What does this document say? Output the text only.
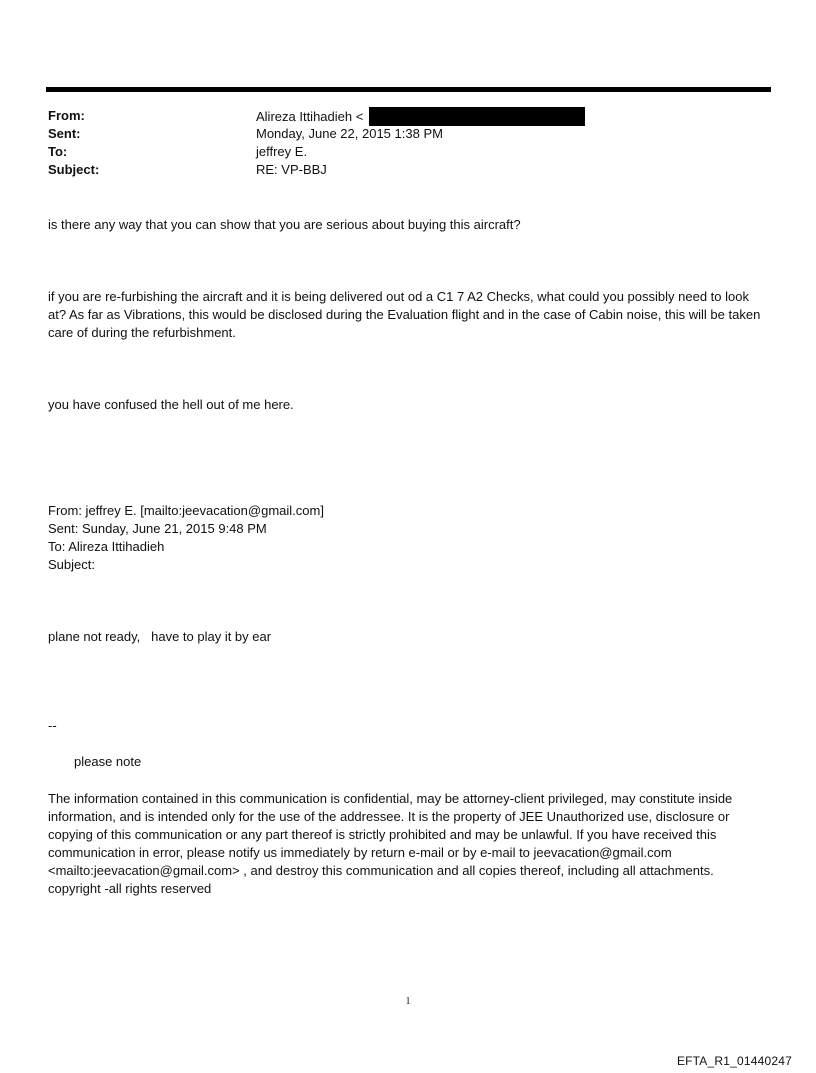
From:	Alireza Ittihadieh <
Sent:	Monday, June 22, 2015 1:38 PM
To:	jeffrey E.
Subject:	RE: VP-BBJ

is there any way that you can show that you are serious about buying this aircraft?

if you are re-furbishing the aircraft and it is being delivered out od a C1 7 A2 Checks, what could you possibly need to look at? As far as Vibrations, this would be disclosed during the Evaluation flight and in the case of Cabin noise, this will be taken care of during the refurbishment.

you have confused the hell out of me here.

From: jeffrey E. [mailto:jeevacation@gmail.com]
Sent: Sunday, June 21, 2015 9:48 PM
To: Alireza Ittihadieh
Subject:
plane not ready,   have to play it by ear
--
please note

The information contained in this communication is confidential, may be attorney-client privileged, may constitute inside information, and is intended only for the use of the addressee. It is the property of JEE Unauthorized use, disclosure or copying of this communication or any part thereof is strictly prohibited and may be unlawful. If you have received this communication in error, please notify us immediately by return e-mail or by e-mail to jeevacation@gmail.com <mailto:jeevacation@gmail.com> , and destroy this communication and all copies thereof, including all attachments. copyright -all rights reserved

1
EFTA_R1_01440247
